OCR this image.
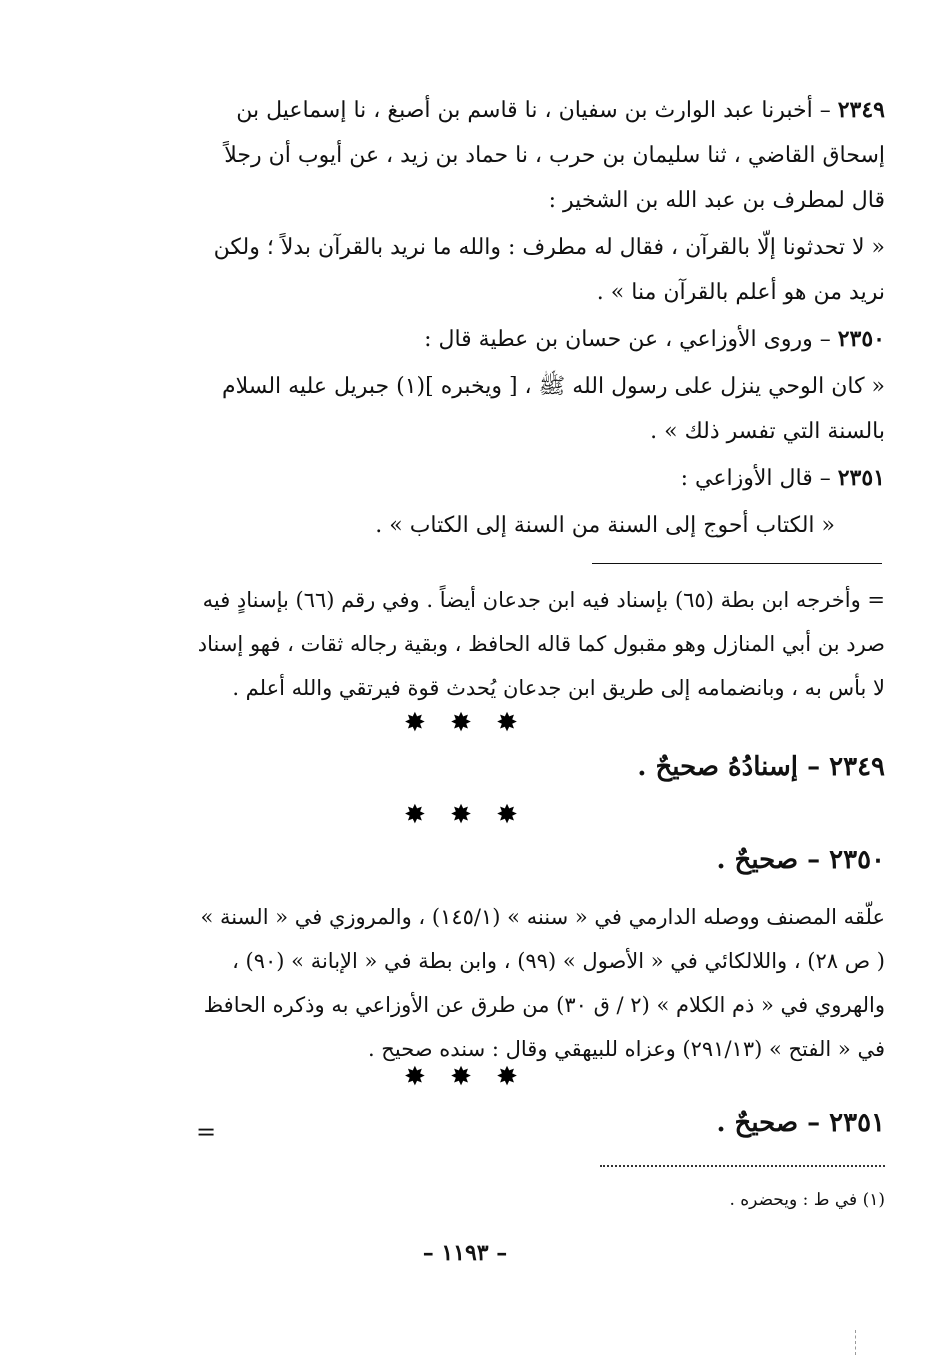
٢٣٤٩ – أخبرنا عبد الوارث بن سفيان ، نا قاسم بن أصبغ ، نا إسماعيل بن إسحاق القاضي ، ثنا سليمان بن حرب ، نا حماد بن زيد ، عن أيوب أن رجلاً قال لمطرف بن عبد الله بن الشخير :

« لا تحدثونا إلّا بالقرآن ، فقال له مطرف : والله ما نريد بالقرآن بدلاً ؛ ولكن نريد من هو أعلم بالقرآن منا » .

٢٣٥٠ – وروى الأوزاعي ، عن حسان بن عطية قال :

« كان الوحي ينزل على رسول الله ﷺ ، [ ويخبره ](١) جبريل عليه السلام بالسنة التي تفسر ذلك » .

٢٣٥١ – قال الأوزاعي :

« الكتاب أحوج إلى السنة من السنة إلى الكتاب » .

= وأخرجه ابن بطة (٦٥) بإسناد فيه ابن جدعان أيضاً . وفي رقم (٦٦) بإسنادٍ فيه صرد بن أبي المنازل وهو مقبول كما قاله الحافظ ، وبقية رجاله ثقات ، فهو إسناد لا بأس به ، وبانضمامه إلى طريق ابن جدعان يُحدث قوة فيرتقي والله أعلم .
✸ ✸ ✸
٢٣٤٩ – إسنادُهُ صحيحٌ .
✸ ✸ ✸
٢٣٥٠ – صحيحٌ .
علّقه المصنف ووصله الدارمي في « سننه » (١٤٥/١) ، والمروزي في « السنة » ( ص ٢٨) ، واللالكائي في « الأصول » (٩٩) ، وابن بطة في « الإبانة » (٩٠) ، والهروي في « ذم الكلام » (٢ / ق ٣٠) من طرق عن الأوزاعي به وذكره الحافظ في « الفتح » (٢٩١/١٣) وعزاه للبيهقي وقال : سنده صحيح .
✸ ✸ ✸
٢٣٥١ – صحيحٌ .
=
(١) في ط : ويحضره .
– ١١٩٣ –
